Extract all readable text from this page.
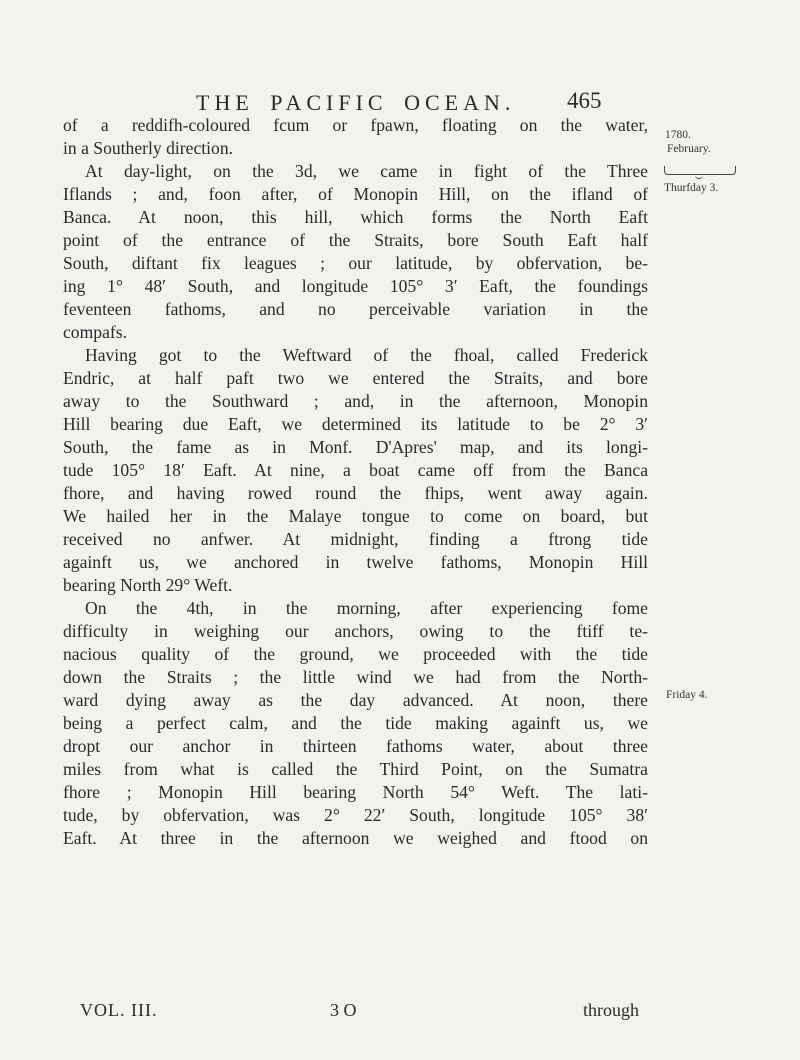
THE PACIFIC OCEAN. 465
1780.
February.
Thurfday 3.
Friday 4.
of a reddifh-coloured fcum or fpawn, floating on the water,
in a Southerly direction.
At day-light, on the 3d, we came in fight of the Three
Iflands ; and, foon after, of Monopin Hill, on the ifland of
Banca. At noon, this hill, which forms the North Eaft
point of the entrance of the Straits, bore South Eaft half
South, diftant fix leagues ; our latitude, by obfervation, be-
ing 1° 48′ South, and longitude 105° 3′ Eaft, the foundings
feventeen fathoms, and no perceivable variation in the
compafs.
Having got to the Weftward of the fhoal, called Frederick
Endric, at half paft two we entered the Straits, and bore
away to the Southward ; and, in the afternoon, Monopin
Hill bearing due Eaft, we determined its latitude to be 2° 3′
South, the fame as in Monf. D'Apres' map, and its longi-
tude 105° 18′ Eaft. At nine, a boat came off from the Banca
fhore, and having rowed round the fhips, went away again.
We hailed her in the Malaye tongue to come on board, but
received no anfwer. At midnight, finding a ftrong tide
againft us, we anchored in twelve fathoms, Monopin Hill
bearing North 29° Weft.
On the 4th, in the morning, after experiencing fome
difficulty in weighing our anchors, owing to the ftiff te-
nacious quality of the ground, we proceeded with the tide
down the Straits ; the little wind we had from the North-
ward dying away as the day advanced. At noon, there
being a perfect calm, and the tide making againft us, we
dropt our anchor in thirteen fathoms water, about three
miles from what is called the Third Point, on the Sumatra
fhore ; Monopin Hill bearing North 54° Weft. The lati-
tude, by obfervation, was 2° 22′ South, longitude 105° 38′
Eaft. At three in the afternoon we weighed and ftood on
VOL. III.	3 O	through
